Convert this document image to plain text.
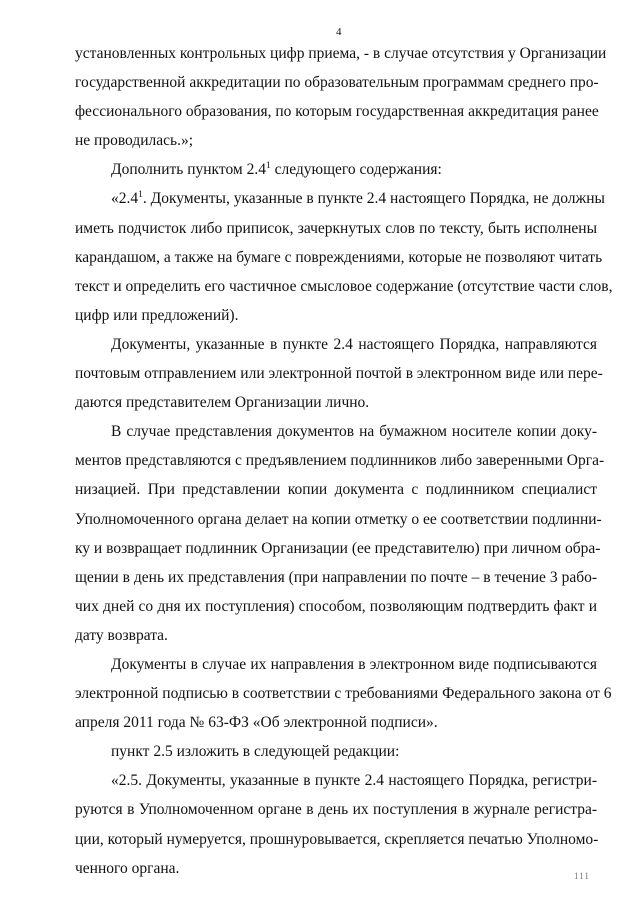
4
установленных контрольных цифр приема, - в случае отсутствия у Организации
государственной аккредитации по образовательным программам среднего про-
фессионального образования, по которым государственная аккредитация ранее
не проводилась.»;
Дополнить пунктом $2.4^1$ следующего содержания:
«$2.4^1$. Документы, указанные в пункте 2.4 настоящего Порядка, не должны
иметь подчисток либо приписок, зачеркнутых слов по тексту, быть исполнены
карандашом, а также на бумаге с повреждениями, которые не позволяют читать
текст и определить его частичное смысловое содержание (отсутствие части слов,
цифр или предложений).
Документы, указанные в пункте 2.4 настоящего Порядка, направляются
почтовым отправлением или электронной почтой в электронном виде или пере-
даются представителем Организации лично.
В случае представления документов на бумажном носителе копии доку-
ментов представляются с предъявлением подлинников либо заверенными Орга-
низацией. При представлении копии документа с подлинником специалист
Уполномоченного органа делает на копии отметку о ее соответствии подлинни-
ку и возвращает подлинник Организации (ее представителю) при личном обра-
щении в день их представления (при направлении по почте – в течение 3 рабо-
чих дней со дня их поступления) способом, позволяющим подтвердить факт и
дату возврата.
Документы в случае их направления в электронном виде подписываются
электронной подписью в соответствии с требованиями Федерального закона от 6
апреля 2011 года № 63-ФЗ «Об электронной подписи».
пункт 2.5 изложить в следующей редакции:
«2.5. Документы, указанные в пункте 2.4 настоящего Порядка, регистри-
руются в Уполномоченном органе в день их поступления в журнале регистра-
ции, который нумеруется, прошнуровывается, скрепляется печатью Уполномо-
ченного органа.	111
